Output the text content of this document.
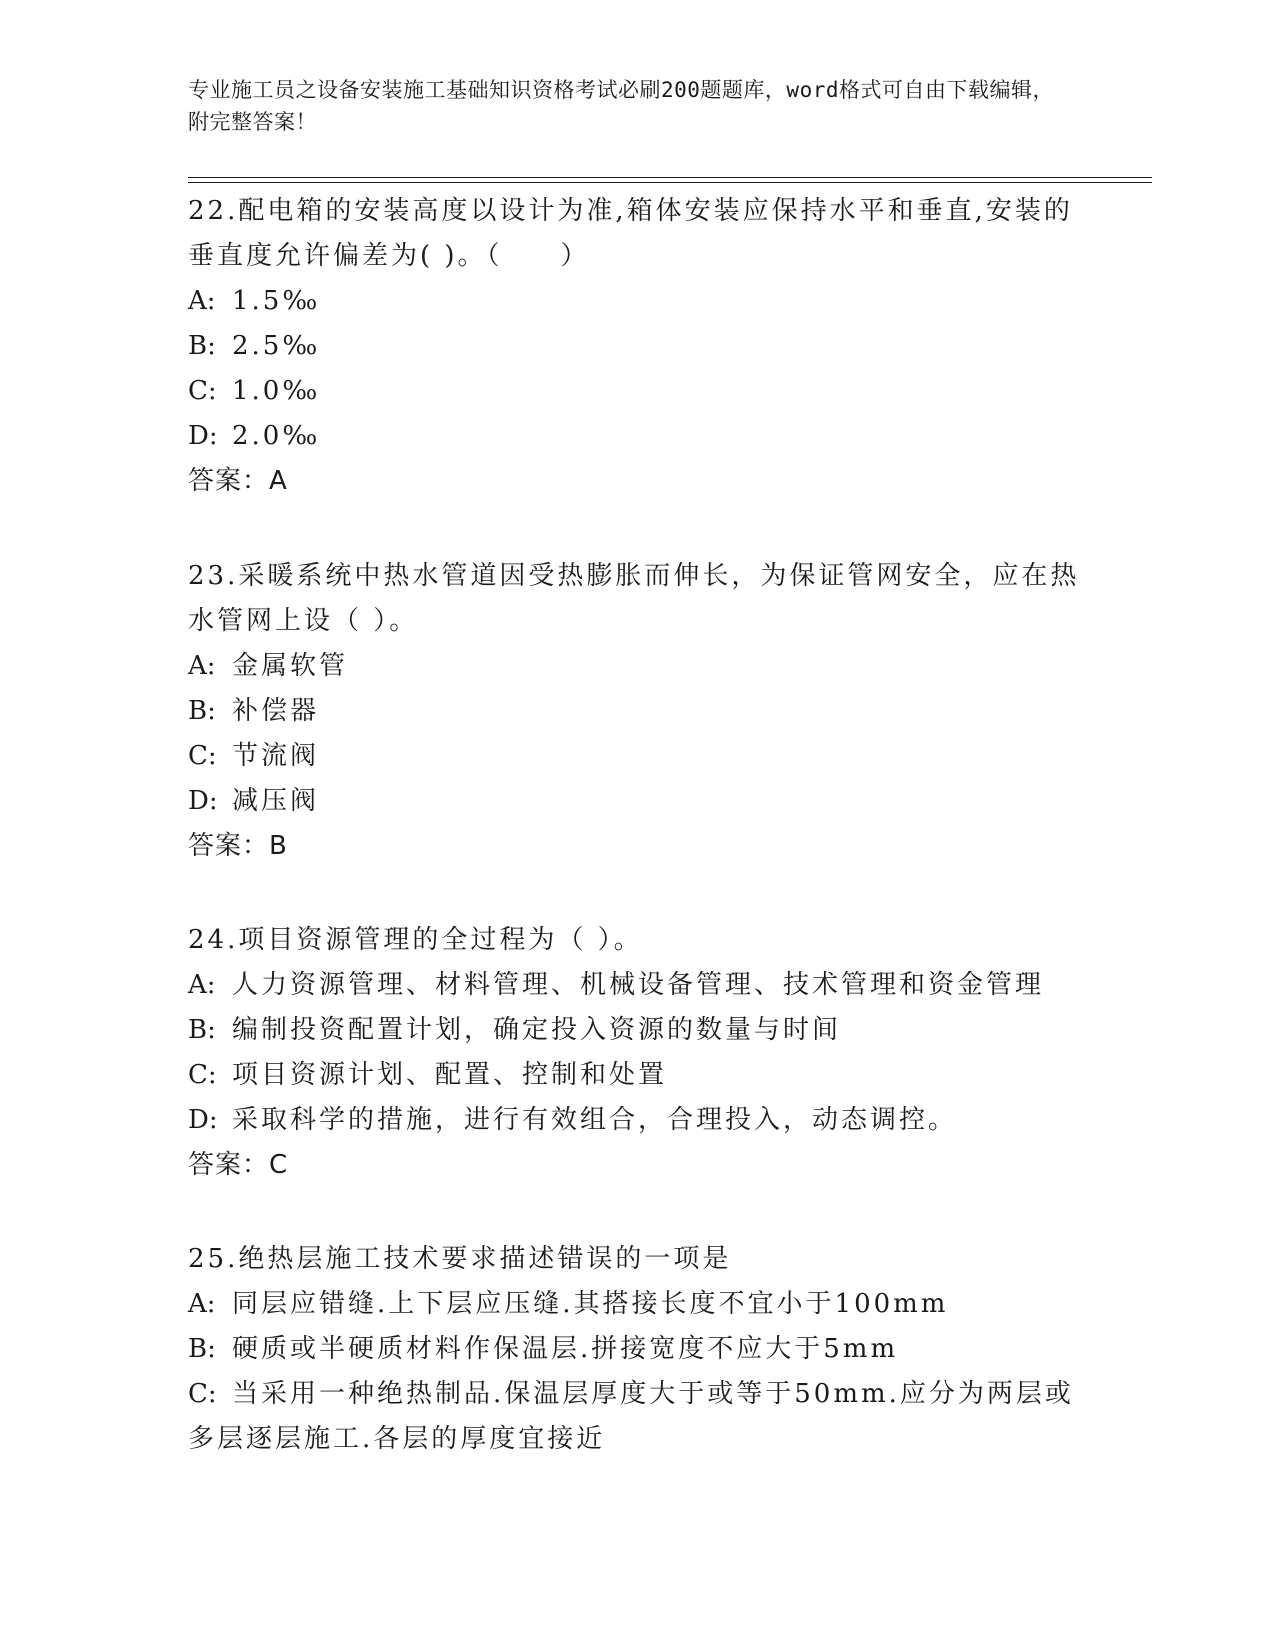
专业施工员之设备安装施工基础知识资格考试必刷200题题库，word格式可自由下载编辑，附完整答案！
22.配电箱的安装高度以设计为准,箱体安装应保持水平和垂直,安装的垂直度允许偏差为( )。（　　）
A: 1.5‰
B: 2.5‰
C: 1.0‰
D: 2.0‰
答案：A
23.采暖系统中热水管道因受热膨胀而伸长，为保证管网安全，应在热水管网上设（ ）。
A: 金属软管
B: 补偿器
C: 节流阀
D: 减压阀
答案：B
24.项目资源管理的全过程为（ ）。
A: 人力资源管理、材料管理、机械设备管理、技术管理和资金管理
B: 编制投资配置计划，确定投入资源的数量与时间
C: 项目资源计划、配置、控制和处置
D: 采取科学的措施，进行有效组合，合理投入，动态调控。
答案：C
25.绝热层施工技术要求描述错误的一项是
A: 同层应错缝.上下层应压缝.其搭接长度不宜小于100mm
B: 硬质或半硬质材料作保温层.拼接宽度不应大于5mm
C: 当采用一种绝热制品.保温层厚度大于或等于50mm.应分为两层或多层逐层施工.各层的厚度宜接近
